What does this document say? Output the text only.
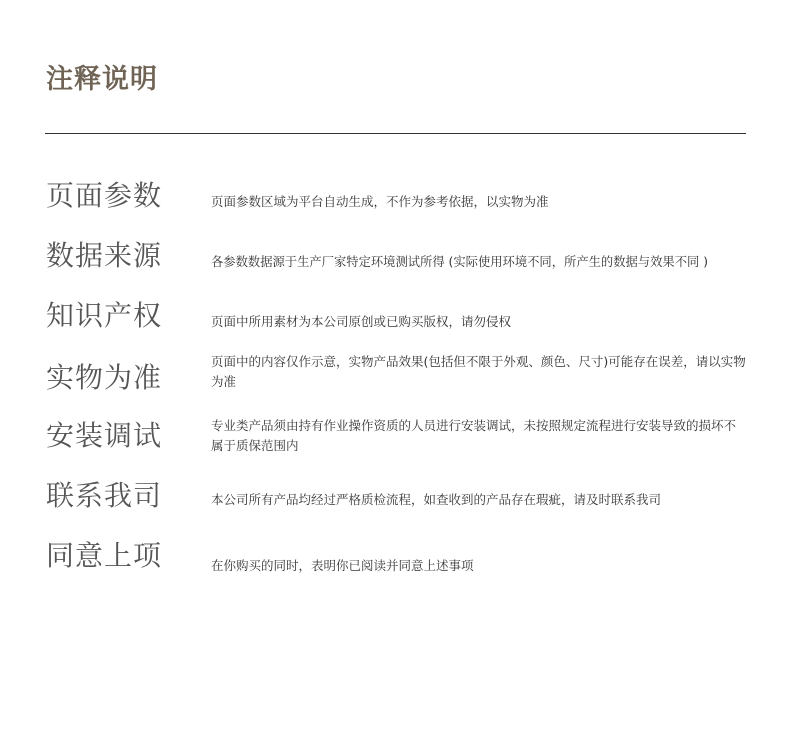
注释说明
页面参数	页面参数区域为平台自动生成，不作为参考依据，以实物为准
数据来源	各参数数据源于生产厂家特定环境测试所得 (实际使用环境不同，所产生的数据与效果不同 )
知识产权	页面中所用素材为本公司原创或已购买版权，请勿侵权
实物为准	页面中的内容仅作示意，实物产品效果(包括但不限于外观、颜色、尺寸)可能存在误差，请以实物为准
安装调试	专业类产品须由持有作业操作资质的人员进行安装调试，未按照规定流程进行安装导致的损坏不属于质保范围内
联系我司	本公司所有产品均经过严格质检流程，如查收到的产品存在瑕疵，请及时联系我司
同意上项	在你购买的同时，表明你已阅读并同意上述事项
